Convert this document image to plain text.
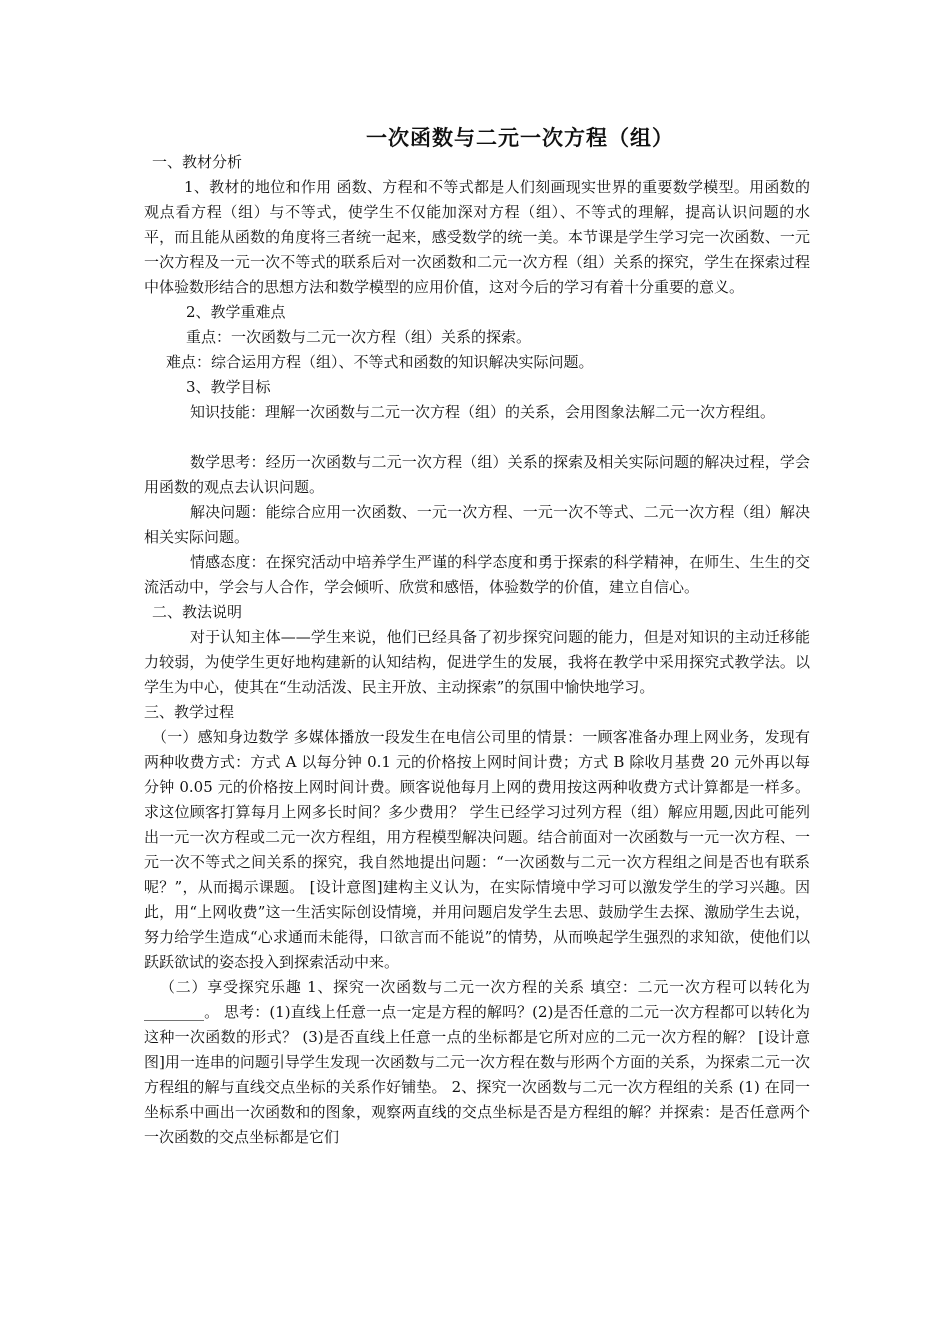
一次函数与二元一次方程（组）

一、教材分析

1、教材的地位和作用 函数、方程和不等式都是人们刻画现实世界的重要数学模型。用函数的观点看方程（组）与不等式，使学生不仅能加深对方程（组）、不等式的理解，提高认识问题的水平，而且能从函数的角度将三者统一起来，感受数学的统一美。本节课是学生学习完一次函数、一元一次方程及一元一次不等式的联系后对一次函数和二元一次方程（组）关系的探究，学生在探索过程中体验数形结合的思想方法和数学模型的应用价值，这对今后的学习有着十分重要的意义。

2、教学重难点

重点：一次函数与二元一次方程（组）关系的探索。

难点：综合运用方程（组）、不等式和函数的知识解决实际问题。

3、教学目标

知识技能：理解一次函数与二元一次方程（组）的关系，会用图象法解二元一次方程组。

数学思考：经历一次函数与二元一次方程（组）关系的探索及相关实际问题的解决过程，学会用函数的观点去认识问题。

解决问题：能综合应用一次函数、一元一次方程、一元一次不等式、二元一次方程（组）解决相关实际问题。

情感态度：在探究活动中培养学生严谨的科学态度和勇于探索的科学精神，在师生、生生的交流活动中，学会与人合作，学会倾听、欣赏和感悟，体验数学的价值，建立自信心。

二、教法说明

对于认知主体——学生来说，他们已经具备了初步探究问题的能力，但是对知识的主动迁移能力较弱，为使学生更好地构建新的认知结构，促进学生的发展，我将在教学中采用探究式教学法。以学生为中心，使其在“生动活泼、民主开放、主动探索”的氛围中愉快地学习。

三、教学过程

（一）感知身边数学 多媒体播放一段发生在电信公司里的情景：一顾客准备办理上网业务，发现有两种收费方式：方式 A 以每分钟 0.1 元的价格按上网时间计费；方式 B 除收月基费 20 元外再以每分钟 0.05 元的价格按上网时间计费。顾客说他每月上网的费用按这两种收费方式计算都是一样多。求这位顾客打算每月上网多长时间？多少费用？ 学生已经学习过列方程（组）解应用题,因此可能列出一元一次方程或二元一次方程组，用方程模型解决问题。结合前面对一次函数与一元一次方程、一元一次不等式之间关系的探究，我自然地提出问题：“一次函数与二元一次方程组之间是否也有联系呢？”，从而揭示课题。 [设计意图]建构主义认为，在实际情境中学习可以激发学生的学习兴趣。因此，用“上网收费”这一生活实际创设情境，并用问题启发学生去思、鼓励学生去探、激励学生去说，努力给学生造成“心求通而未能得，口欲言而不能说”的情势，从而唤起学生强烈的求知欲，使他们以跃跃欲试的姿态投入到探索活动中来。

（二）享受探究乐趣 1、探究一次函数与二元一次方程的关系 填空：二元一次方程可以转化为 ________。 思考：(1)直线上任意一点一定是方程的解吗？(2)是否任意的二元一次方程都可以转化为这种一次函数的形式？ (3)是否直线上任意一点的坐标都是它所对应的二元一次方程的解？ [设计意图]用一连串的问题引导学生发现一次函数与二元一次方程在数与形两个方面的关系，为探索二元一次方程组的解与直线交点坐标的关系作好铺垫。 2、探究一次函数与二元一次方程组的关系 (1) 在同一坐标系中画出一次函数和的图象，观察两直线的交点坐标是否是方程组的解？并探索：是否任意两个一次函数的交点坐标都是它们
